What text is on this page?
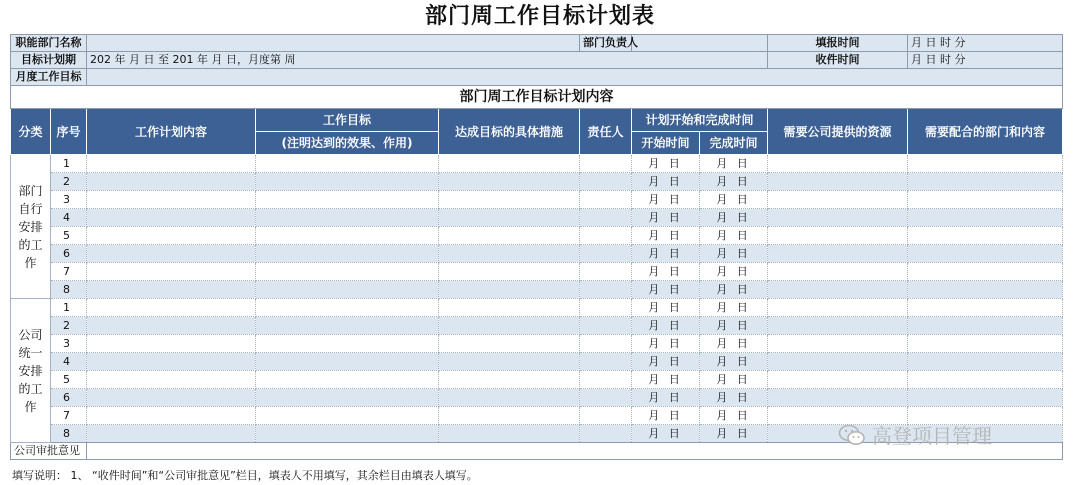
部门周工作目标计划表
职能部门名称					部门负责人			填报时间	月 日 时 分
目标计划期		202 年 月 日 至 201 年 月 日，月度第 周						收件时间	月 日 时 分
月度工作目标									
部门周工作目标计划内容									
分类	序号	工作计划内容	工作目标	达成目标的具体措施	责任人	计划开始和完成时间		需要公司提供的资源	需要配合的部门和内容
			(注明达到的效果、作用)			开始时间	完成时间		
部门自行安排的工作	1					月 日	月 日		
	2					月 日	月 日		
	3					月 日	月 日		
	4					月 日	月 日		
	5					月 日	月 日		
	6					月 日	月 日		
	7					月 日	月 日		
	8					月 日	月 日		
公司统一安排的工作	1					月 日	月 日		
	2					月 日	月 日		
	3					月 日	月 日		
	4					月 日	月 日		
	5					月 日	月 日		
	6					月 日	月 日		
	7					月 日	月 日		
	8					月 日	月 日		
公司审批意见									
填写说明： 1、 “收件时间”和“公司审批意见”栏目，填表人不用填写，其余栏目由填表人填写。
高登项目管理
